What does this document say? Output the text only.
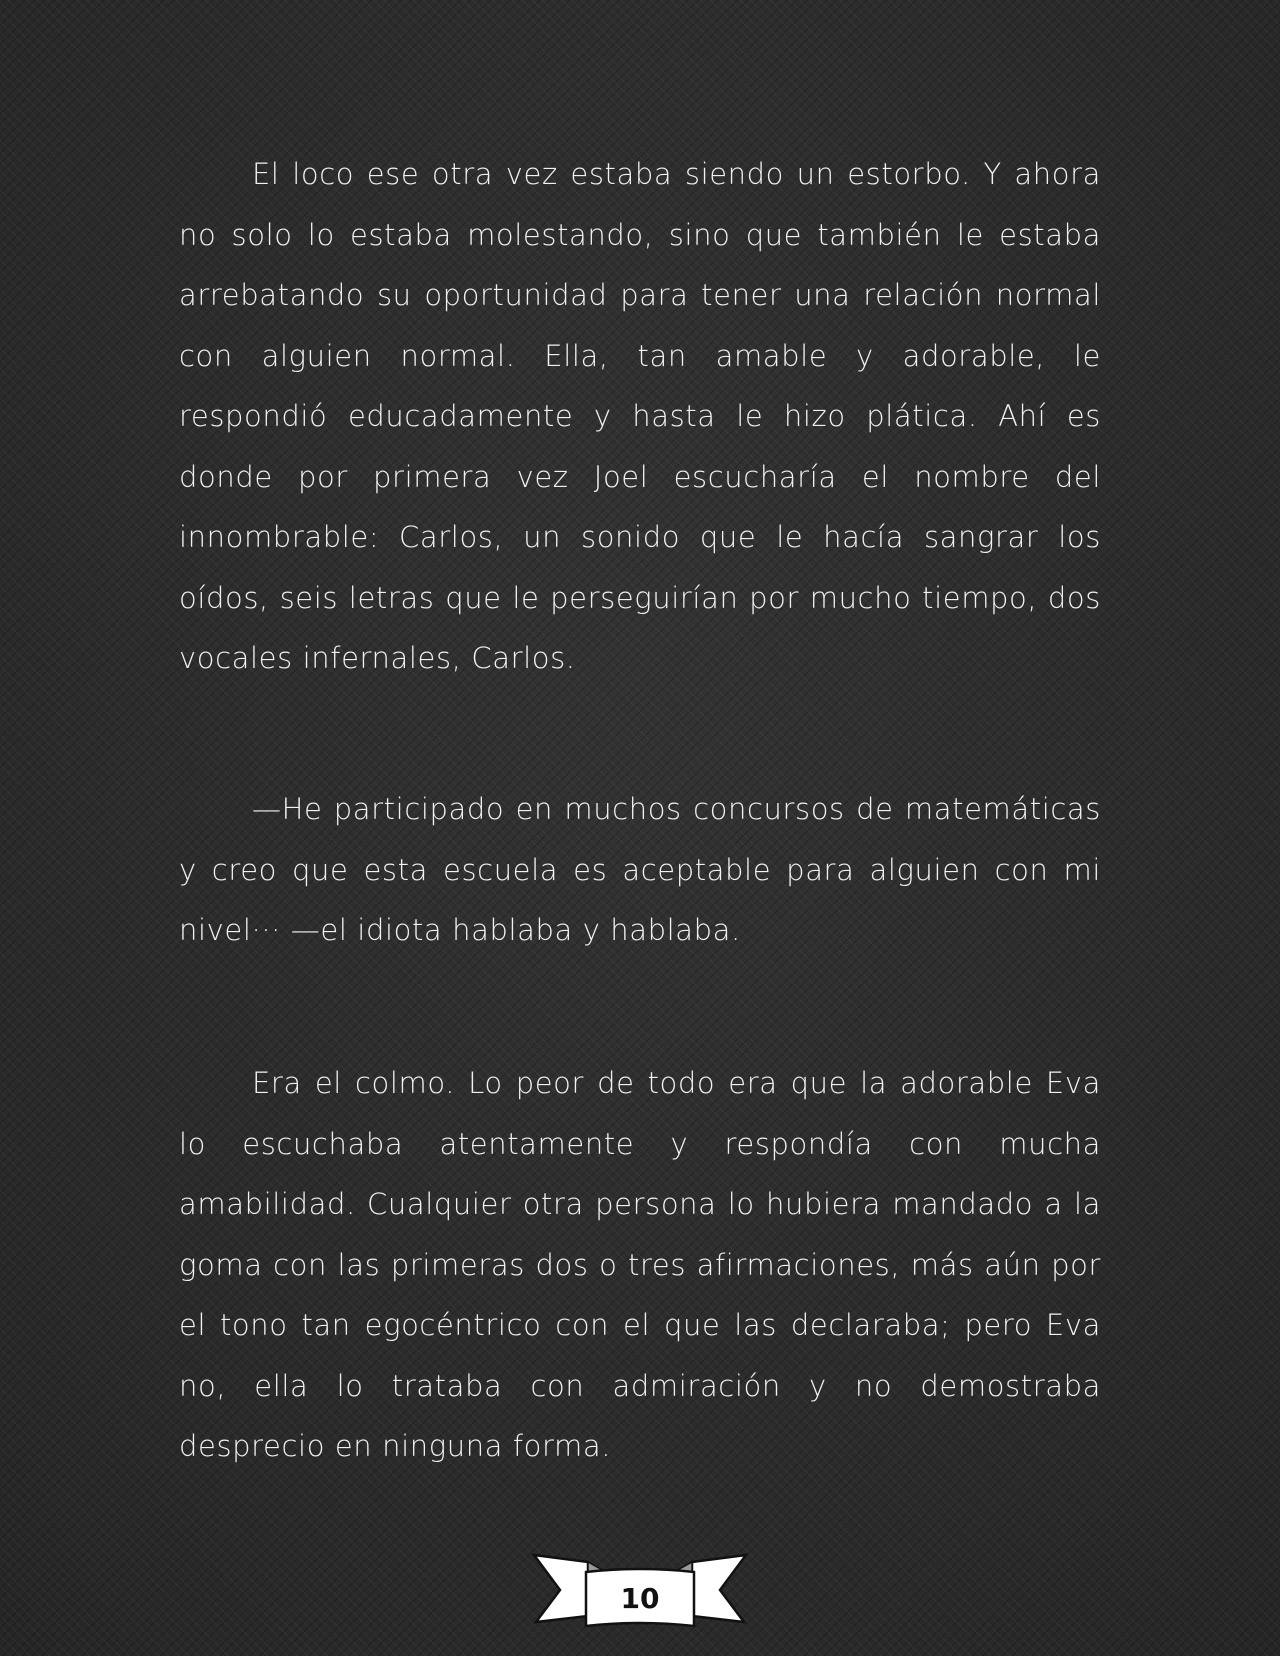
El loco ese otra vez estaba siendo un estorbo. Y ahora no solo lo estaba molestando, sino que también le estaba arrebatando su oportunidad para tener una relación normal con alguien normal. Ella, tan amable y adorable, le respondió educadamente y hasta le hizo plática. Ahí es donde por primera vez Joel escucharía el nombre del innombrable: Carlos, un sonido que le hacía sangrar los oídos, seis letras que le perseguirían por mucho tiempo, dos vocales infernales, Carlos.

—He participado en muchos concursos de matemáticas y creo que esta escuela es aceptable para alguien con mi nivel··· —el idiota hablaba y hablaba.

Era el colmo. Lo peor de todo era que la adorable Eva lo escuchaba atentamente y respondía con mucha amabilidad. Cualquier otra persona lo hubiera mandado a la goma con las primeras dos o tres afirmaciones, más aún por el tono tan egocéntrico con el que las declaraba; pero Eva no, ella lo trataba con admiración y no demostraba desprecio en ninguna forma.

10
